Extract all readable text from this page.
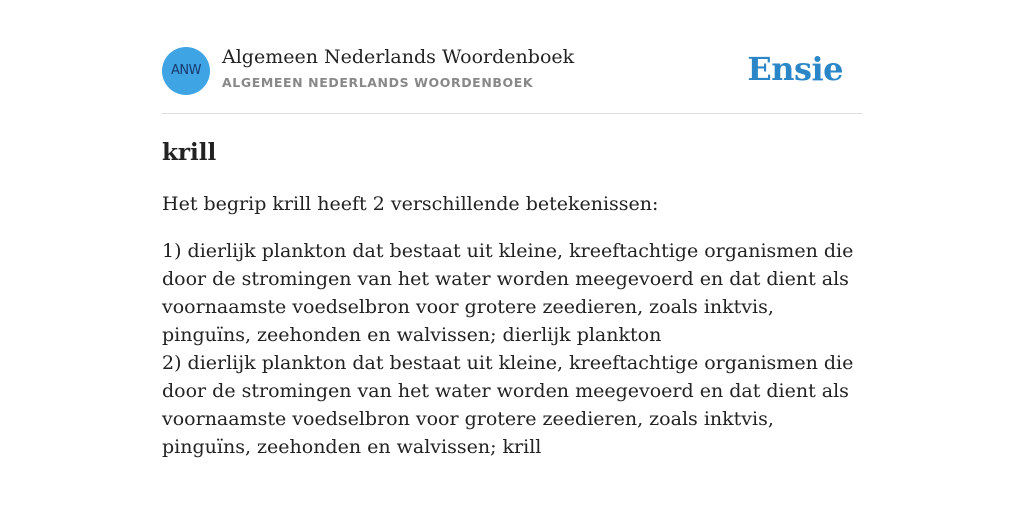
ANW
Algemeen Nederlands Woordenboek
ALGEMEEN NEDERLANDS WOORDENBOEK	Ensie
krill

Het begrip krill heeft 2 verschillende betekenissen:

1) dierlijk plankton dat bestaat uit kleine, kreeftachtige organismen die door de stromingen van het water worden meegevoerd en dat dient als voornaamste voedselbron voor grotere zeedieren, zoals inktvis, pinguïns, zeehonden en walvissen; dierlijk plankton

2) dierlijk plankton dat bestaat uit kleine, kreeftachtige organismen die door de stromingen van het water worden meegevoerd en dat dient als voornaamste voedselbron voor grotere zeedieren, zoals inktvis, pinguïns, zeehonden en walvissen; krill
